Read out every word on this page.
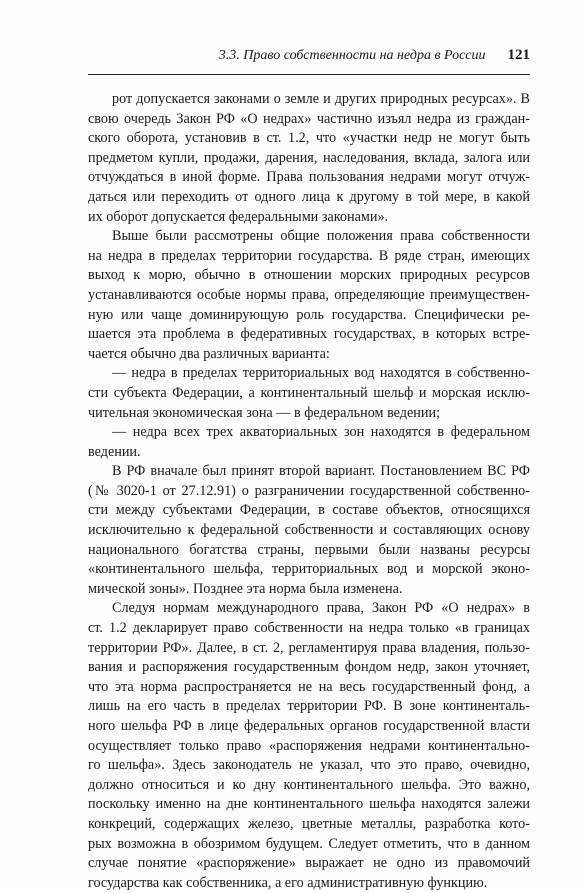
3.3. Право собственности на недра в России 121
рот допускается законами о земле и других природных ресурсах». В
свою очередь Закон РФ «О недрах» частично изъял недра из граждан-
ского оборота, установив в ст. 1.2, что «участки недр не могут быть
предметом купли, продажи, дарения, наследования, вклада, залога или
отчуждаться в иной форме. Права пользования недрами могут отчуж-
даться или переходить от одного лица к другому в той мере, в какой
их оборот допускается федеральными законами».
Выше были рассмотрены общие положения права собственности
на недра в пределах территории государства. В ряде стран, имеющих
выход к морю, обычно в отношении морских природных ресурсов
устанавливаются особые нормы права, определяющие преимуществен-
ную или чаще доминирующую роль государства. Специфически ре-
шается эта проблема в федеративных государствах, в которых встре-
чается обычно два различных варианта:
— недра в пределах территориальных вод находятся в собственно-
сти субъекта Федерации, а континентальный шельф и морская исклю-
чительная экономическая зона — в федеральном ведении;
— недра всех трех акваториальных зон находятся в федеральном
ведении.
В РФ вначале был принят второй вариант. Постановлением ВС РФ
(№ 3020-1 от 27.12.91) о разграничении государственной собственно-
сти между субъектами Федерации, в составе объектов, относящихся
исключительно к федеральной собственности и составляющих основу
национального богатства страны, первыми были названы ресурсы
«континентального шельфа, территориальных вод и морской эконо-
мической зоны». Позднее эта норма была изменена.
Следуя нормам международного права, Закон РФ «О недрах» в
ст. 1.2 декларирует право собственности на недра только «в границах
территории РФ». Далее, в ст. 2, регламентируя права владения, пользо-
вания и распоряжения государственным фондом недр, закон уточняет,
что эта норма распространяется не на весь государственный фонд, а
лишь на его часть в пределах территории РФ. В зоне континенталь-
ного шельфа РФ в лице федеральных органов государственной власти
осуществляет только право «распоряжения недрами континентально-
го шельфа». Здесь законодатель не указал, что это право, очевидно,
должно относиться и ко дну континентального шельфа. Это важно,
поскольку именно на дне континентального шельфа находятся залежи
конкреций, содержащих железо, цветные металлы, разработка кото-
рых возможна в обозримом будущем. Следует отметить, что в данном
случае понятие «распоряжение» выражает не одно из правомочий
государства как собственника, а его административную функцию.
